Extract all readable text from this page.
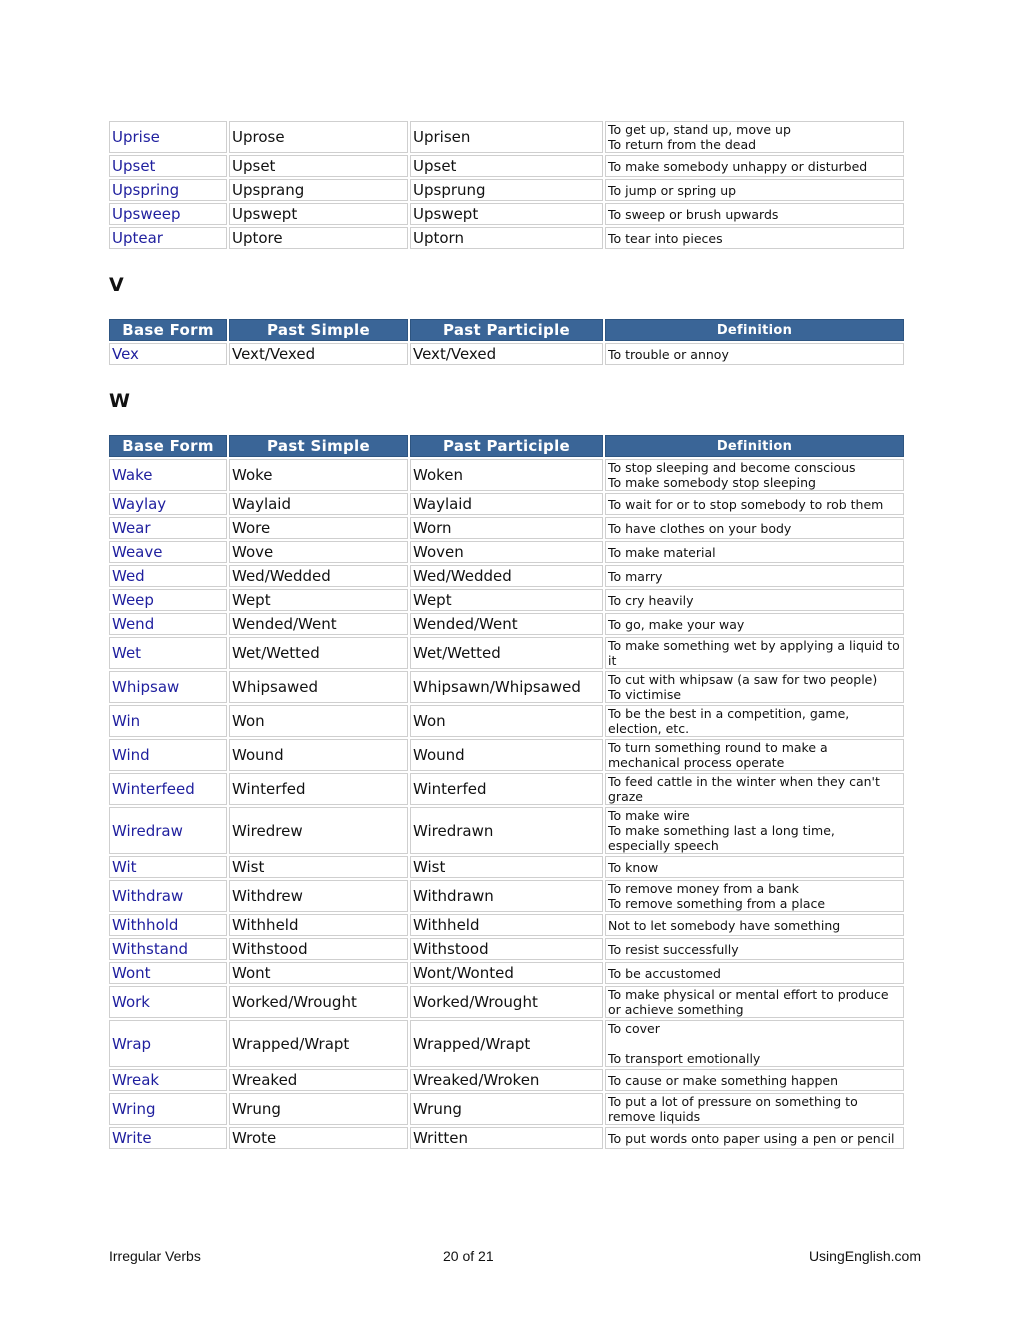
Uprise	Uprose	Uprisen	To get up, stand up, move up
To return from the dead

Upset	Upset	Upset	To make somebody unhappy or disturbed

Upspring	Upsprang	Upsprung	To jump or spring up

Upsweep	Upswept	Upswept	To sweep or brush upwards

Uptear	Uptore	Uptorn	To tear into pieces
V
Base Form	Past Simple	Past Participle	Definition
Vex	Vext/Vexed	Vext/Vexed	To trouble or annoy
W
Base Form	Past Simple	Past Participle	Definition
Wake	Woke	Woken	To stop sleeping and become conscious
To make somebody stop sleeping

Waylay	Waylaid	Waylaid	To wait for or to stop somebody to rob them

Wear	Wore	Worn	To have clothes on your body

Weave	Wove	Woven	To make material

Wed	Wed/Wedded	Wed/Wedded	To marry

Weep	Wept	Wept	To cry heavily

Wend	Wended/Went	Wended/Went	To go, make your way

Wet	Wet/Wetted	Wet/Wetted	To make something wet by applying a liquid to it

Whipsaw	Whipsawed	Whipsawn/Whipsawed	To cut with whipsaw (a saw for two people)
To victimise

Win	Won	Won	To be the best in a competition, game, election, etc.

Wind	Wound	Wound	To turn something round to make a mechanical process operate

Winterfeed	Winterfed	Winterfed	To feed cattle in the winter when they can't graze

Wiredraw	Wiredrew	Wiredrawn	To make wire
To make something last a long time, especially speech

Wit	Wist	Wist	To know

Withdraw	Withdrew	Withdrawn	To remove money from a bank
To remove something from a place

Withhold	Withheld	Withheld	Not to let somebody have something

Withstand	Withstood	Withstood	To resist successfully

Wont	Wont	Wont/Wonted	To be accustomed

Work	Worked/Wrought	Worked/Wrought	To make physical or mental effort to produce or achieve something

Wrap	Wrapped/Wrapt	Wrapped/Wrapt	To cover
To transport emotionally

Wreak	Wreaked	Wreaked/Wroken	To cause or make something happen

Wring	Wrung	Wrung	To put a lot of pressure on something to remove liquids

Write	Wrote	Written	To put words onto paper using a pen or pencil
Irregular Verbs	20 of 21	UsingEnglish.com
